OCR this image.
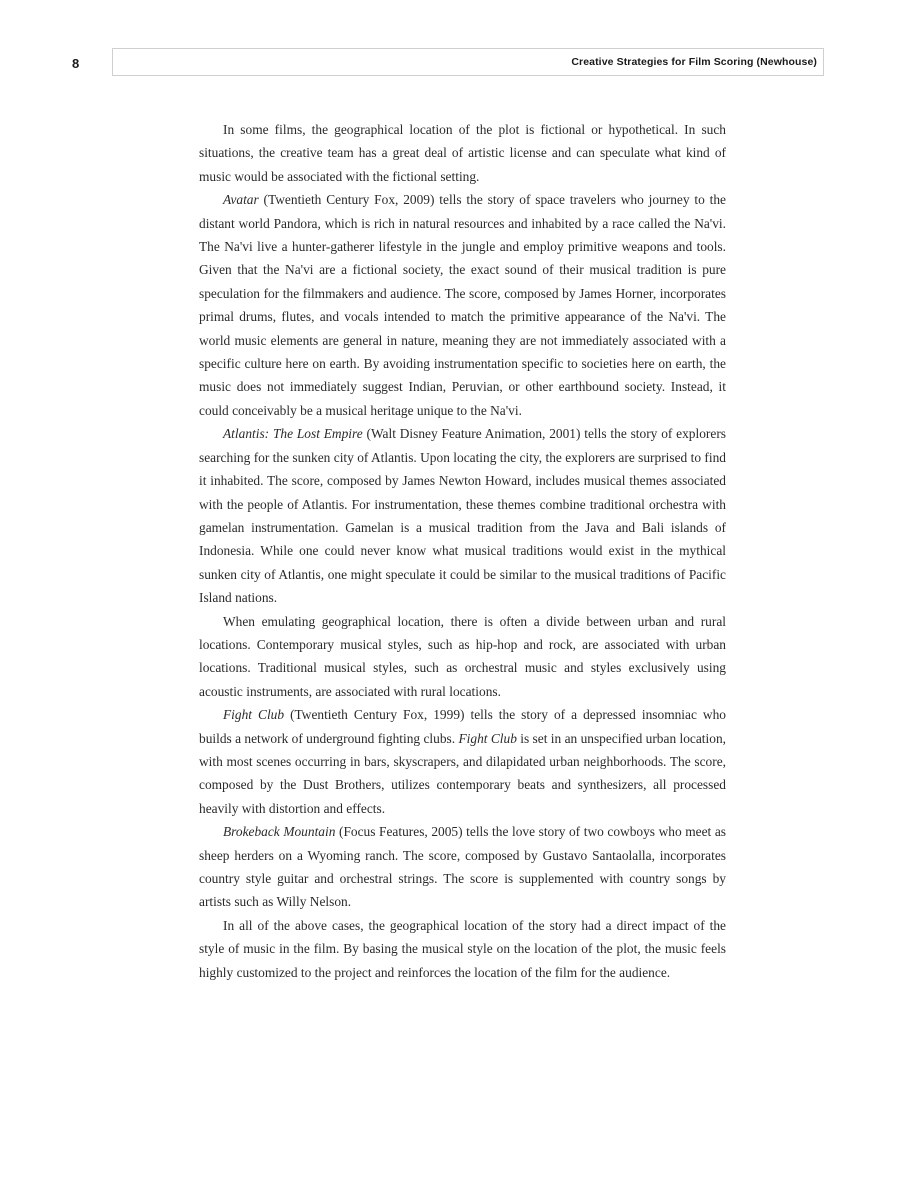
8	Creative Strategies for Film Scoring (Newhouse)

In some films, the geographical location of the plot is fictional or hypothetical. In such situations, the creative team has a great deal of artistic license and can speculate what kind of music would be associated with the fictional setting.

Avatar (Twentieth Century Fox, 2009) tells the story of space travelers who journey to the distant world Pandora, which is rich in natural resources and inhabited by a race called the Na'vi. The Na'vi live a hunter-gatherer lifestyle in the jungle and employ primitive weapons and tools. Given that the Na'vi are a fictional society, the exact sound of their musical tradition is pure speculation for the filmmakers and audience. The score, composed by James Horner, incorporates primal drums, flutes, and vocals intended to match the primitive appearance of the Na'vi. The world music elements are general in nature, meaning they are not immediately associated with a specific culture here on earth. By avoiding instrumentation specific to societies here on earth, the music does not immediately suggest Indian, Peruvian, or other earthbound society. Instead, it could conceivably be a musical heritage unique to the Na'vi.

Atlantis: The Lost Empire (Walt Disney Feature Animation, 2001) tells the story of explorers searching for the sunken city of Atlantis. Upon locating the city, the explorers are surprised to find it inhabited. The score, composed by James Newton Howard, includes musical themes associated with the people of Atlantis. For instrumentation, these themes combine traditional orchestra with gamelan instrumentation. Gamelan is a musical tradition from the Java and Bali islands of Indonesia. While one could never know what musical traditions would exist in the mythical sunken city of Atlantis, one might speculate it could be similar to the musical traditions of Pacific Island nations.

When emulating geographical location, there is often a divide between urban and rural locations. Contemporary musical styles, such as hip-hop and rock, are associated with urban locations. Traditional musical styles, such as orchestral music and styles exclusively using acoustic instruments, are associated with rural locations.

Fight Club (Twentieth Century Fox, 1999) tells the story of a depressed insomniac who builds a network of underground fighting clubs. Fight Club is set in an unspecified urban location, with most scenes occurring in bars, skyscrapers, and dilapidated urban neighborhoods. The score, composed by the Dust Brothers, utilizes contemporary beats and synthesizers, all processed heavily with distortion and effects.

Brokeback Mountain (Focus Features, 2005) tells the love story of two cowboys who meet as sheep herders on a Wyoming ranch. The score, composed by Gustavo Santaolalla, incorporates country style guitar and orchestral strings. The score is supplemented with country songs by artists such as Willy Nelson.

In all of the above cases, the geographical location of the story had a direct impact of the style of music in the film. By basing the musical style on the location of the plot, the music feels highly customized to the project and reinforces the location of the film for the audience.
